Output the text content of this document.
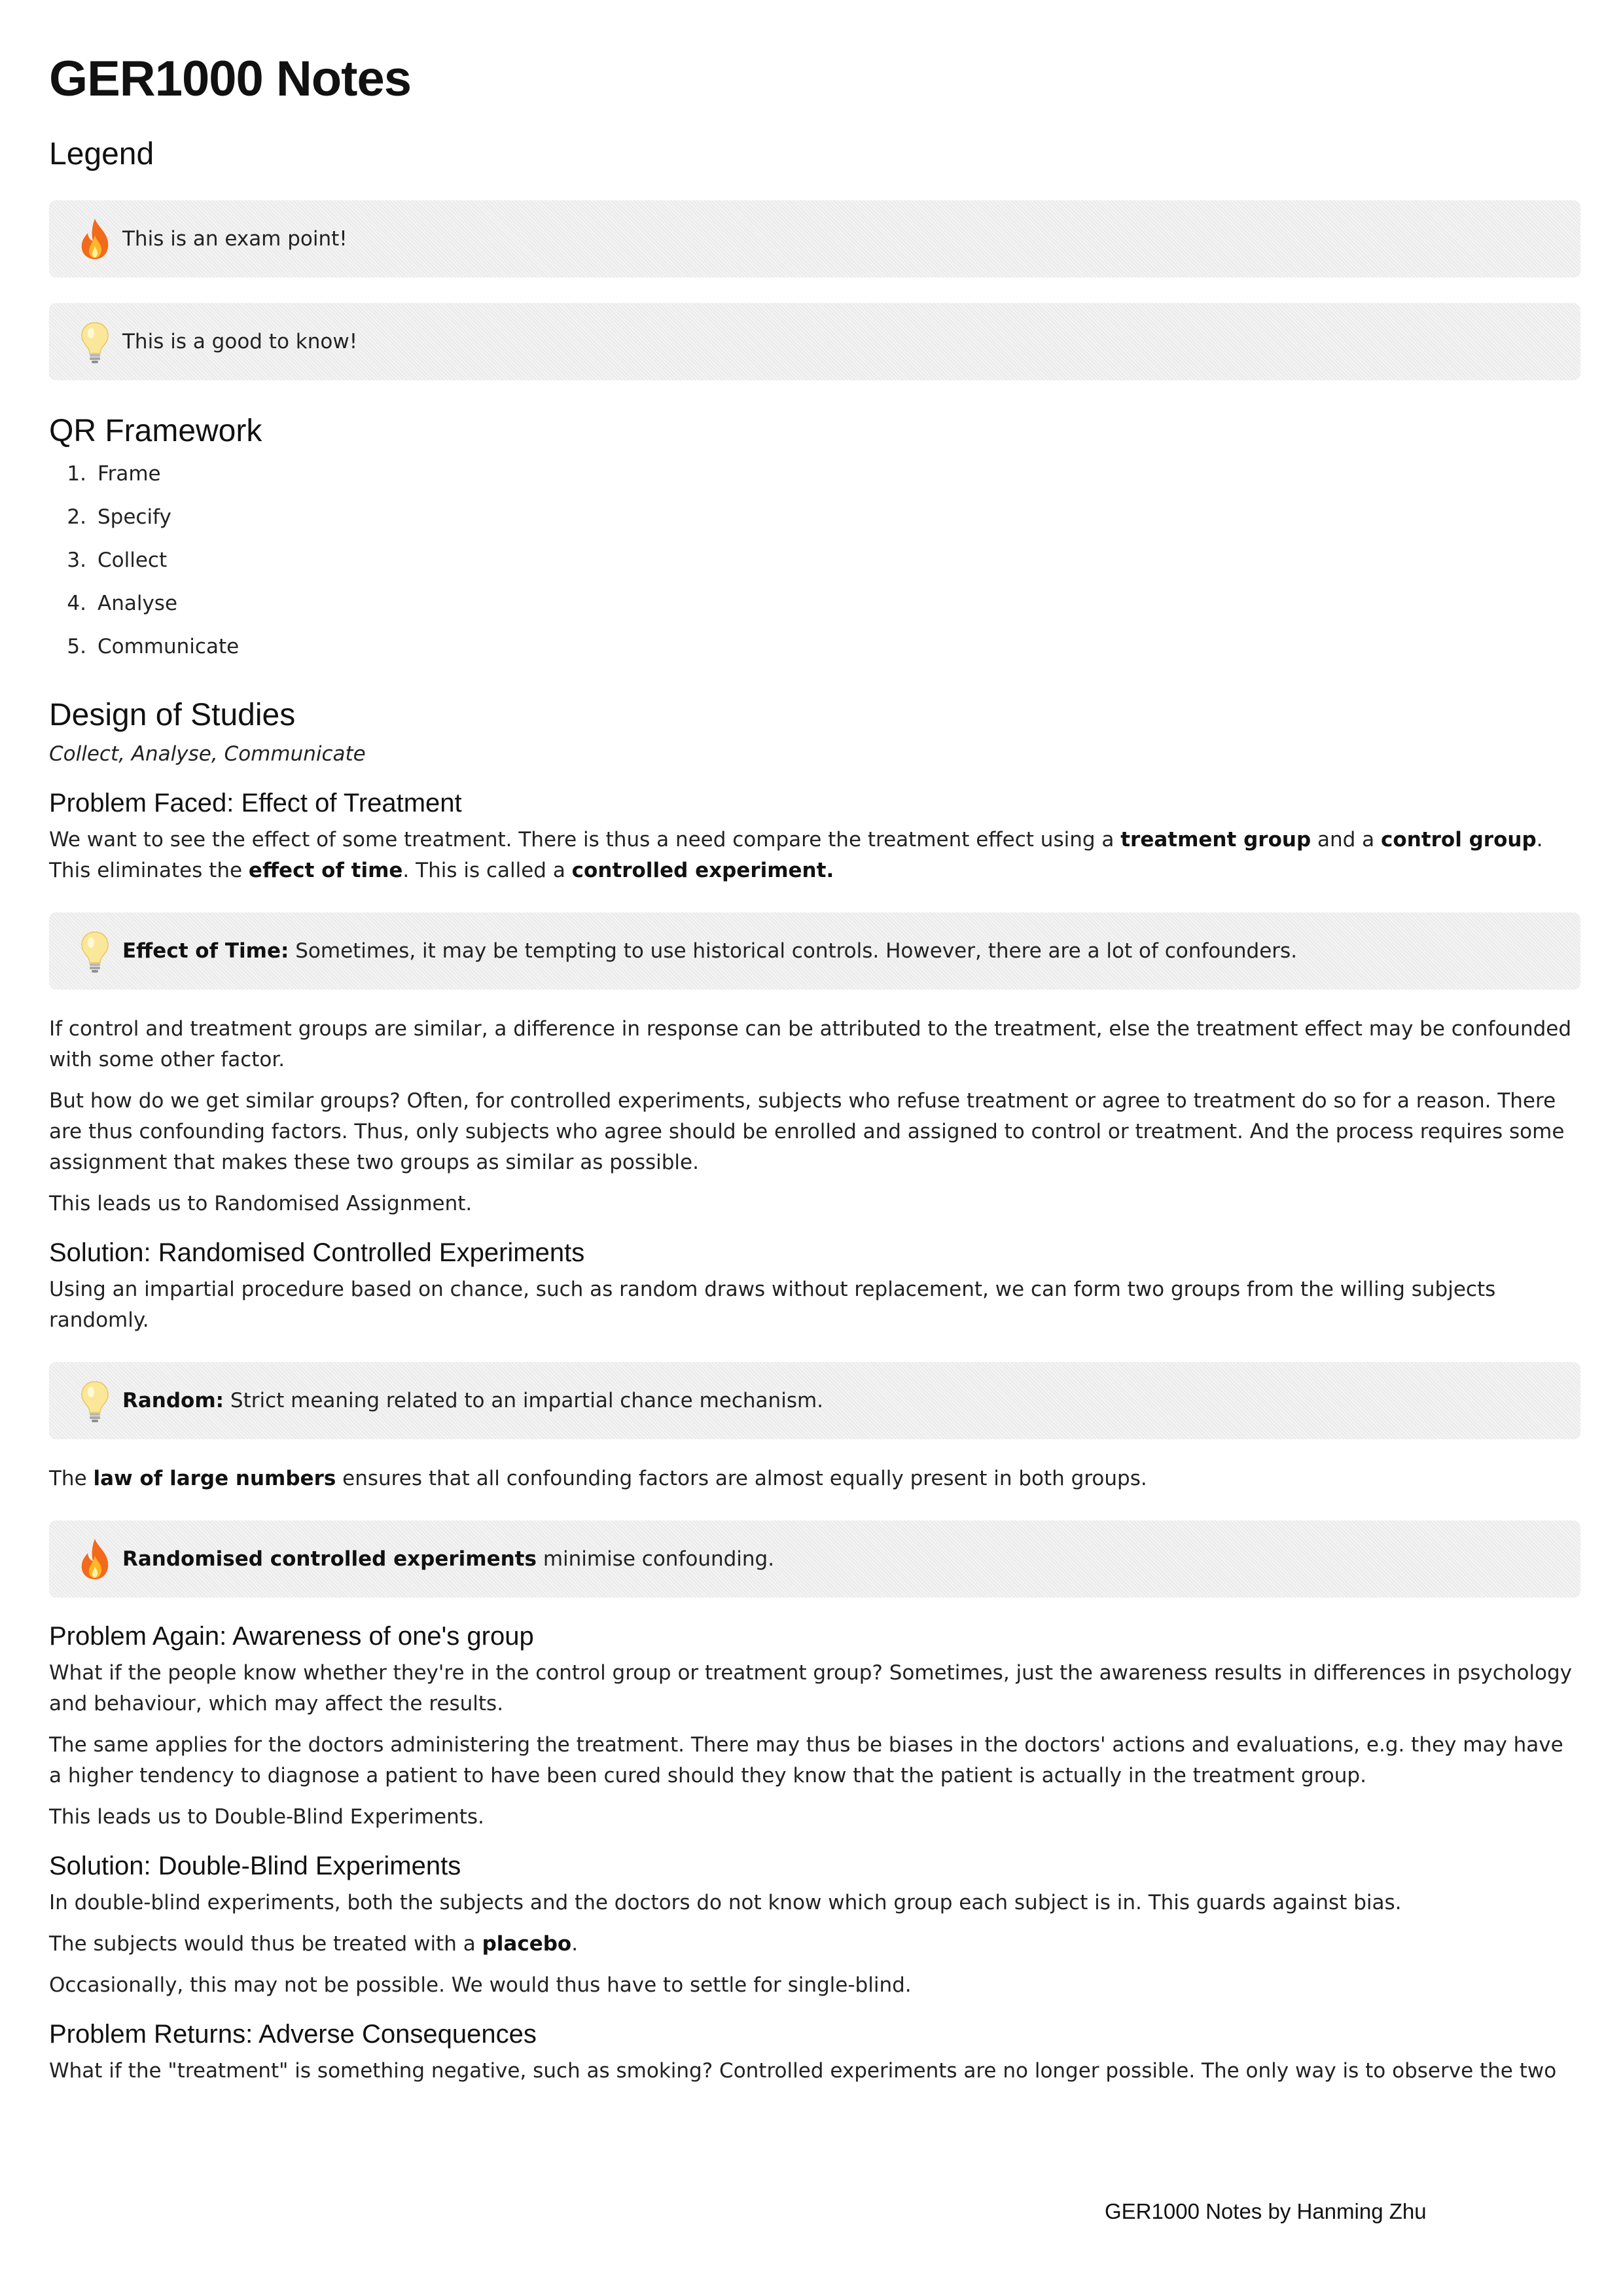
GER1000 Notes
Legend
This is an exam point!
This is a good to know!
QR Framework
1. Frame
2. Specify
3. Collect
4. Analyse
5. Communicate
Design of Studies

Collect, Analyse, Communicate

Problem Faced: Effect of Treatment

We want to see the effect of some treatment. There is thus a need compare the treatment effect using a treatment group and a control group. This eliminates the effect of time. This is called a controlled experiment.

Effect of Time: Sometimes, it may be tempting to use historical controls. However, there are a lot of confounders.

If control and treatment groups are similar, a difference in response can be attributed to the treatment, else the treatment effect may be confounded with some other factor.

But how do we get similar groups? Often, for controlled experiments, subjects who refuse treatment or agree to treatment do so for a reason. There are thus confounding factors. Thus, only subjects who agree should be enrolled and assigned to control or treatment. And the process requires some assignment that makes these two groups as similar as possible.

This leads us to Randomised Assignment.

Solution: Randomised Controlled Experiments

Using an impartial procedure based on chance, such as random draws without replacement, we can form two groups from the willing subjects randomly.

Random: Strict meaning related to an impartial chance mechanism.

The law of large numbers ensures that all confounding factors are almost equally present in both groups.

Randomised controlled experiments minimise confounding.
Problem Again: Awareness of one's group

What if the people know whether they're in the control group or treatment group? Sometimes, just the awareness results in differences in psychology and behaviour, which may affect the results.

The same applies for the doctors administering the treatment. There may thus be biases in the doctors' actions and evaluations, e.g. they may have a higher tendency to diagnose a patient to have been cured should they know that the patient is actually in the treatment group.

This leads us to Double-Blind Experiments.

Solution: Double-Blind Experiments

In double-blind experiments, both the subjects and the doctors do not know which group each subject is in. This guards against bias.

The subjects would thus be treated with a placebo.

Occasionally, this may not be possible. We would thus have to settle for single-blind.

Problem Returns: Adverse Consequences

What if the "treatment" is something negative, such as smoking? Controlled experiments are no longer possible. The only way is to observe the two

GER1000 Notes by Hanming Zhu
